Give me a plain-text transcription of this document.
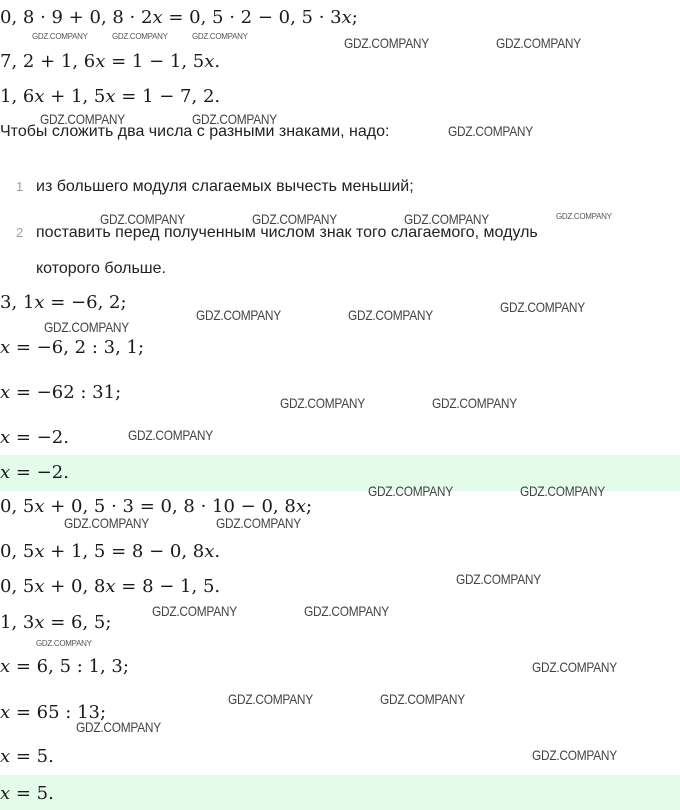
0, 8 · 9 + 0, 8 · 2x = 0, 5 · 2 − 0, 5 · 3x;

7, 2 + 1, 6x = 1 − 1, 5x.

1, 6x + 1, 5x = 1 − 7, 2.

Чтобы сложить два числа с разными знаками, надо:

1 из большего модуля слагаемых вычесть меньший;

2 поставить перед полученным числом знак того слагаемого, модуль

которого больше.

3, 1x = −6, 2;

x = −6, 2 : 3, 1;

x = −62 : 31;

x = −2.

x = −2.

0, 5x + 0, 5 · 3 = 0, 8 · 10 − 0, 8x;

0, 5x + 1, 5 = 8 − 0, 8x.

0, 5x + 0, 8x = 8 − 1, 5.

1, 3x = 6, 5;

x = 6, 5 : 1, 3;

x = 65 : 13;

x = 5.

x = 5.

GDZ.COMPANY	GDZ.COMPANY	GDZ.COMPANY	GDZ.COMPANY	GDZ.COMPANY
GDZ.COMPANY	GDZ.COMPANY
GDZ.COMPANY
GDZ.COMPANY	GDZ.COMPANY	GDZ.COMPANY	GDZ.COMPANY
GDZ.COMPANY
GDZ.COMPANY	GDZ.COMPANY
GDZ.COMPANY
GDZ.COMPANY	GDZ.COMPANY
GDZ.COMPANY
GDZ.COMPANY	GDZ.COMPANY
GDZ.COMPANY	GDZ.COMPANY
GDZ.COMPANY
GDZ.COMPANY	GDZ.COMPANY
GDZ.COMPANY
GDZ.COMPANY
GDZ.COMPANY	GDZ.COMPANY
GDZ.COMPANY
GDZ.COMPANY
